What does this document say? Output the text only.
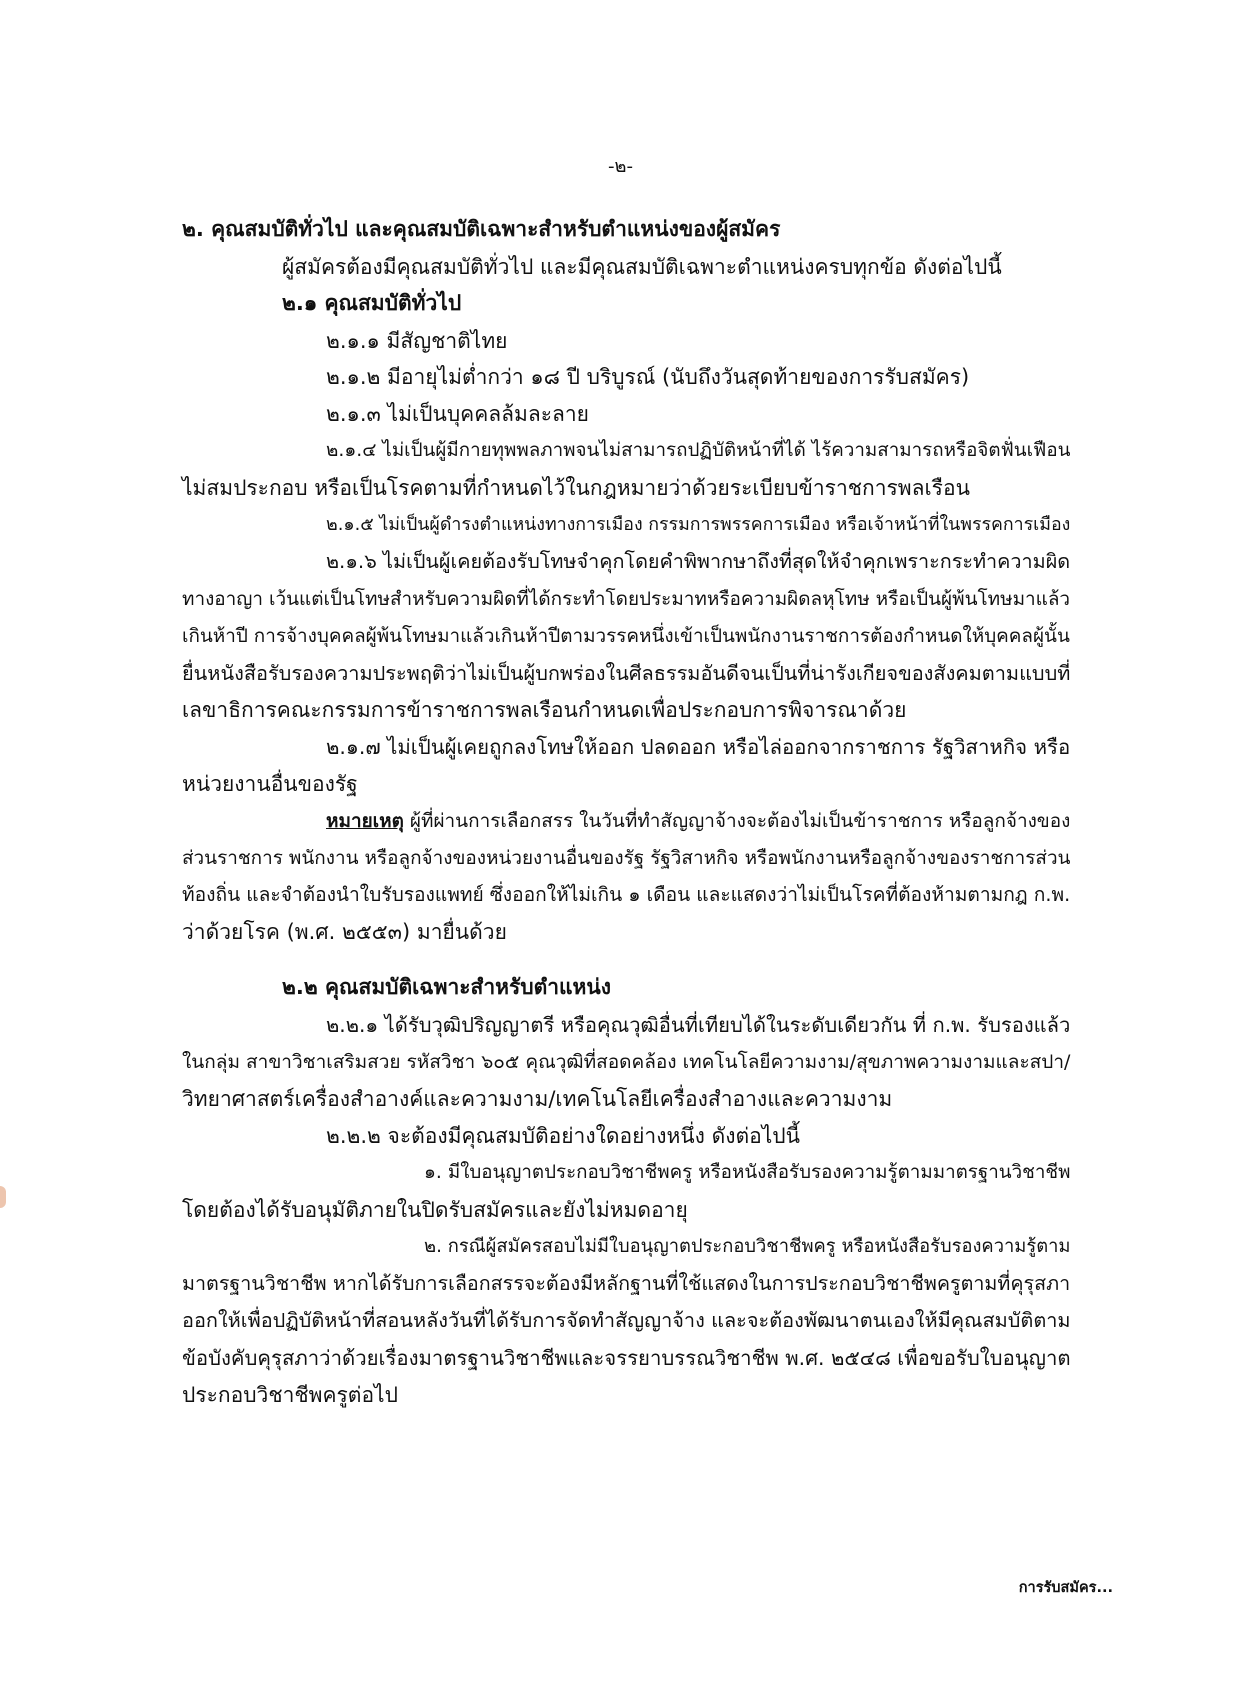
-๒-
๒. คุณสมบัติทั่วไป และคุณสมบัติเฉพาะสำหรับตำแหน่งของผู้สมัคร
ผู้สมัครต้องมีคุณสมบัติทั่วไป และมีคุณสมบัติเฉพาะตำแหน่งครบทุกข้อ ดังต่อไปนี้
๒.๑ คุณสมบัติทั่วไป
๒.๑.๑ มีสัญชาติไทย
๒.๑.๒ มีอายุไม่ต่ำกว่า ๑๘ ปี บริบูรณ์ (นับถึงวันสุดท้ายของการรับสมัคร)
๒.๑.๓ ไม่เป็นบุคคลล้มละลาย
๒.๑.๔ ไม่เป็นผู้มีกายทุพพลภาพจนไม่สามารถปฏิบัติหน้าที่ได้ ไร้ความสามารถหรือจิตฟั่นเฟือน
ไม่สมประกอบ หรือเป็นโรคตามที่กำหนดไว้ในกฎหมายว่าด้วยระเบียบข้าราชการพลเรือน
๒.๑.๕ ไม่เป็นผู้ดำรงตำแหน่งทางการเมือง กรรมการพรรคการเมือง หรือเจ้าหน้าที่ในพรรคการเมือง
๒.๑.๖ ไม่เป็นผู้เคยต้องรับโทษจำคุกโดยคำพิพากษาถึงที่สุดให้จำคุกเพราะกระทำความผิด
ทางอาญา เว้นแต่เป็นโทษสำหรับความผิดที่ได้กระทำโดยประมาทหรือความผิดลหุโทษ หรือเป็นผู้พ้นโทษมาแล้ว
เกินห้าปี การจ้างบุคคลผู้พ้นโทษมาแล้วเกินห้าปีตามวรรคหนึ่งเข้าเป็นพนักงานราชการต้องกำหนดให้บุคคลผู้นั้น
ยื่นหนังสือรับรองความประพฤติว่าไม่เป็นผู้บกพร่องในศีลธรรมอันดีจนเป็นที่น่ารังเกียจของสังคมตามแบบที่
เลขาธิการคณะกรรมการข้าราชการพลเรือนกำหนดเพื่อประกอบการพิจารณาด้วย
๒.๑.๗ ไม่เป็นผู้เคยถูกลงโทษให้ออก ปลดออก หรือไล่ออกจากราชการ รัฐวิสาหกิจ หรือ
หน่วยงานอื่นของรัฐ
หมายเหตุ ผู้ที่ผ่านการเลือกสรร ในวันที่ทำสัญญาจ้างจะต้องไม่เป็นข้าราชการ หรือลูกจ้างของ
ส่วนราชการ พนักงาน หรือลูกจ้างของหน่วยงานอื่นของรัฐ รัฐวิสาหกิจ หรือพนักงานหรือลูกจ้างของราชการส่วน
ท้องถิ่น และจำต้องนำใบรับรองแพทย์ ซึ่งออกให้ไม่เกิน ๑ เดือน และแสดงว่าไม่เป็นโรคที่ต้องห้ามตามกฎ ก.พ.
ว่าด้วยโรค (พ.ศ. ๒๕๕๓) มายื่นด้วย
๒.๒ คุณสมบัติเฉพาะสำหรับตำแหน่ง
๒.๒.๑ ได้รับวุฒิปริญญาตรี หรือคุณวุฒิอื่นที่เทียบได้ในระดับเดียวกัน ที่ ก.พ. รับรองแล้ว
ในกลุ่ม สาขาวิชาเสริมสวย รหัสวิชา ๖๐๕ คุณวุฒิที่สอดคล้อง เทคโนโลยีความงาม/สุขภาพความงามและสปา/
วิทยาศาสตร์เครื่องสำอางค์และความงาม/เทคโนโลยีเครื่องสำอางและความงาม
๒.๒.๒ จะต้องมีคุณสมบัติอย่างใดอย่างหนึ่ง ดังต่อไปนี้
๑. มีใบอนุญาตประกอบวิชาชีพครู หรือหนังสือรับรองความรู้ตามมาตรฐานวิชาชีพ
โดยต้องได้รับอนุมัติภายในปิดรับสมัครและยังไม่หมดอายุ
๒. กรณีผู้สมัครสอบไม่มีใบอนุญาตประกอบวิชาชีพครู หรือหนังสือรับรองความรู้ตาม
มาตรฐานวิชาชีพ หากได้รับการเลือกสรรจะต้องมีหลักฐานที่ใช้แสดงในการประกอบวิชาชีพครูตามที่คุรุสภา
ออกให้เพื่อปฏิบัติหน้าที่สอนหลังวันที่ได้รับการจัดทำสัญญาจ้าง และจะต้องพัฒนาตนเองให้มีคุณสมบัติตาม
ข้อบังคับคุรุสภาว่าด้วยเรื่องมาตรฐานวิชาชีพและจรรยาบรรณวิชาชีพ พ.ศ. ๒๕๔๘ เพื่อขอรับใบอนุญาต
ประกอบวิชาชีพครูต่อไป
การรับสมัคร...
